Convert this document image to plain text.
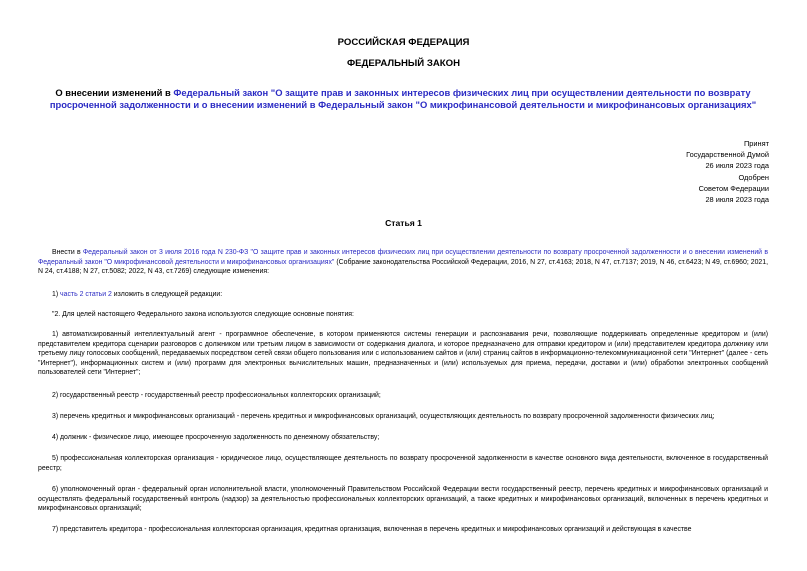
РОССИЙСКАЯ ФЕДЕРАЦИЯ
ФЕДЕРАЛЬНЫЙ ЗАКОН
О внесении изменений в Федеральный закон "О защите прав и законных интересов физических лиц при осуществлении деятельности по возврату просроченной задолженности и о внесении изменений в Федеральный закон "О микрофинансовой деятельности и микрофинансовых организациях"
Принят
Государственной Думой
26 июля 2023 года
Одобрен
Советом Федерации
28 июля 2023 года
Статья 1

Внести в Федеральный закон от 3 июля 2016 года N 230-ФЗ "О защите прав и законных интересов физических лиц при осуществлении деятельности по возврату просроченной задолженности и о внесении изменений в Федеральный закон "О микрофинансовой деятельности и микрофинансовых организациях" (Собрание законодательства Российской Федерации, 2016, N 27, ст.4163; 2018, N 47, ст.7137; 2019, N 46, ст.6423; N 49, ст.6960; 2021, N 24, ст.4188; N 27, ст.5082; 2022, N 43, ст.7269) следующие изменения:

1) часть 2 статьи 2 изложить в следующей редакции:

"2. Для целей настоящего Федерального закона используются следующие основные понятия:

1) автоматизированный интеллектуальный агент - программное обеспечение, в котором применяются системы генерации и распознавания речи, позволяющие поддерживать определенные кредитором и (или) представителем кредитора сценарии разговоров с должником или третьим лицом в зависимости от содержания диалога, и которое предназначено для отправки кредитором и (или) представителем кредитора должнику или третьему лицу голосовых сообщений, передаваемых посредством сетей связи общего пользования или с использованием сайтов и (или) страниц сайтов в информационно-телекоммуникационной сети "Интернет" (далее - сеть "Интернет"), информационных систем и (или) программ для электронных вычислительных машин, предназначенных и (или) используемых для приема, передачи, доставки и (или) обработки электронных сообщений пользователей сети "Интернет";

2) государственный реестр - государственный реестр профессиональных коллекторских организаций;

3) перечень кредитных и микрофинансовых организаций - перечень кредитных и микрофинансовых организаций, осуществляющих деятельность по возврату просроченной задолженности физических лиц;

4) должник - физическое лицо, имеющее просроченную задолженность по денежному обязательству;

5) профессиональная коллекторская организация - юридическое лицо, осуществляющее деятельность по возврату просроченной задолженности в качестве основного вида деятельности, включенное в государственный реестр;

6) уполномоченный орган - федеральный орган исполнительной власти, уполномоченный Правительством Российской Федерации вести государственный реестр, перечень кредитных и микрофинансовых организаций и осуществлять федеральный государственный контроль (надзор) за деятельностью профессиональных коллекторских организаций, а также кредитных и микрофинансовых организаций, включенных в перечень кредитных и микрофинансовых организаций;

7) представитель кредитора - профессиональная коллекторская организация, кредитная организация, включенная в перечень кредитных и микрофинансовых организаций и действующая в качестве
